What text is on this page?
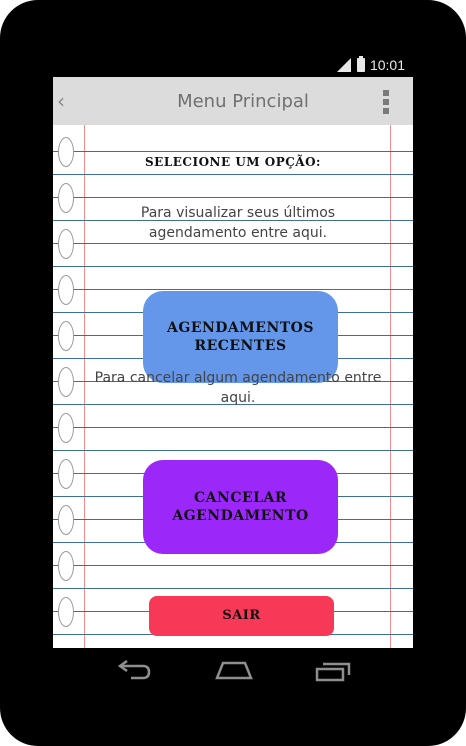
10:01
‹	Menu Principal
SELECIONE UM OPÇÃO:
Para visualizar seus últimos agendamento entre aqui.
AGENDAMENTOS RECENTES
Para cancelar algum agendamento entre aqui.
CANCELAR AGENDAMENTO
SAIR
